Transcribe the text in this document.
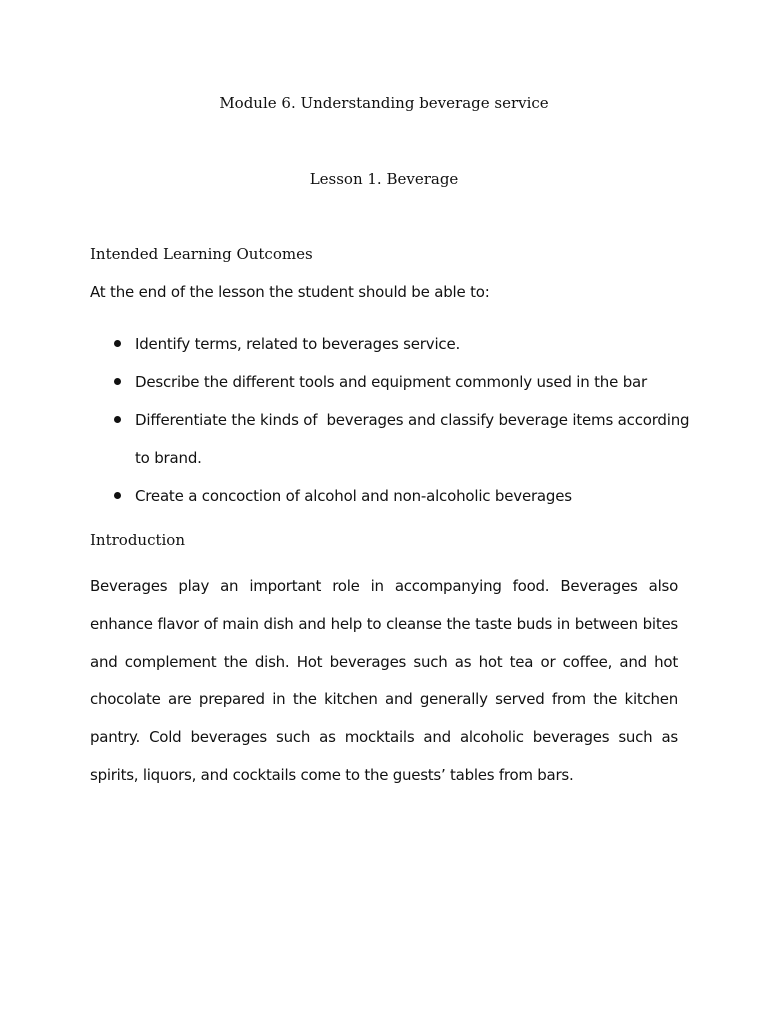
Module 6. Understanding beverage service
Lesson 1. Beverage
Intended Learning Outcomes
At the end of the lesson the student should be able to:
Identify terms, related to beverages service.
Describe the different tools and equipment commonly used in the bar
Differentiate the kinds of  beverages and classify beverage items according to brand.
Create a concoction of alcohol and non-alcoholic beverages
Introduction

Beverages play an important role in accompanying food. Beverages also enhance flavor of main dish and help to cleanse the taste buds in between bites and complement the dish. Hot beverages such as hot tea or coffee, and hot chocolate are prepared in the kitchen and generally served from the kitchen pantry. Cold beverages such as mocktails and alcoholic beverages such as spirits, liquors, and cocktails come to the guests’ tables from bars.
